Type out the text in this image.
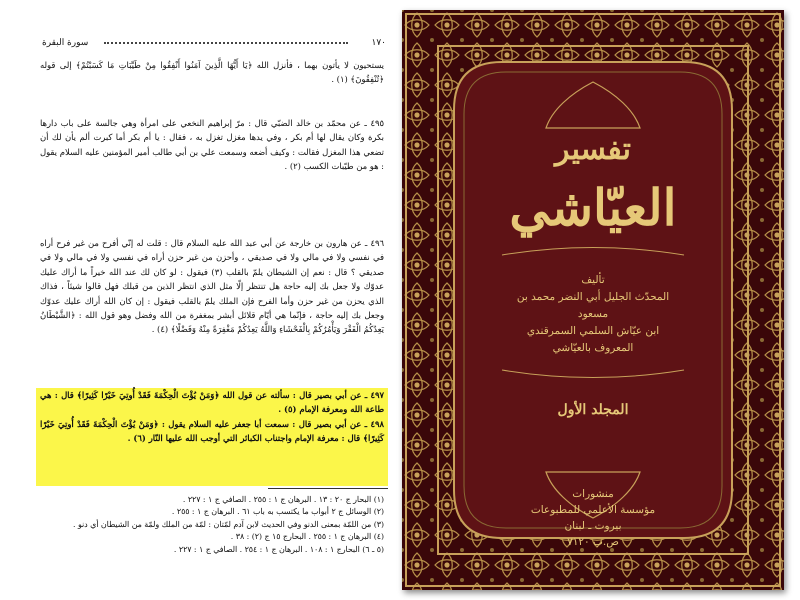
سورة البقرة	١٧٠

يستحيون لا يأتون بهما ، فأنزل الله ﴿يَا أَيُّهَا الَّذِينَ آمَنُوا أَنْفِقُوا مِنْ طَيِّبَاتِ مَا كَسَبْتُمْ﴾ إلى قوله ﴿تُنْفِقُونَ﴾ (١) .

٤٩٥ ـ عن محمّد بن خالد الضبّي قال : مرّ إبراهيم النخعي على امرأة وهي جالسة على باب دارها بكرة وكان يقال لها أم بكر ، وفي يدها مغزل تغزل به ، فقال : يا أم بكر أما كبرت ألم يأن لك أن تضعي هذا المغزل فقالت : وكيف أضعه وسمعت علي بن أبي طالب أمير المؤمنين عليه السلام يقول : هو من طيّبات الكسب (٢) .

٤٩٦ ـ عن هارون بن خارجة عن أبي عبد الله عليه السلام قال : قلت له إنّي أفرح من غير فرح أراه في نفسي ولا في مالي ولا في صديقي ، وأحزن من غير حزن أراه في نفسي ولا في مالي ولا في صديقي ؟ قال : نعم إن الشيطان يلمّ بالقلب (٣) فيقول : لو كان لك عند الله خيراً ما أراك عليك عدوّك ولا جعل بك إليه حاجة هل تنتظر إلّا مثل الذي انتظر الذين من قبلك فهل قالوا شيئاً ، فذاك الذي يحزن من غير حزن وأما الفرح فإن الملك يلمّ بالقلب فيقول : إن كان الله أراك عليك عدوّك وجعل بك إليه حاجة ، فإنّما هي أيّام قلائل أبشر بمغفرة من الله وفضل وهو قول الله : ﴿الشَّيْطَانُ يَعِدُكُمُ الْفَقْرَ وَيَأْمُرُكُمْ بِالْفَحْشَاءِ وَاللَّهُ يَعِدُكُمْ مَغْفِرَةً مِنْهُ وَفَضْلًا﴾ (٤) .

٤٩٧ ـ عن أبي بصير قال : سألته عن قول الله ﴿وَمَنْ يُؤْتَ الْحِكْمَةَ فَقَدْ أُوتِيَ خَيْرًا كَثِيرًا﴾ قال : هي طاعة الله ومعرفة الإمام (٥) .
٤٩٨ ـ عن أبي بصير قال : سمعت أبا جعفر عليه السلام يقول : ﴿وَمَنْ يُؤْتَ الْحِكْمَةَ فَقَدْ أُوتِيَ خَيْرًا كَثِيرًا﴾ قال : معرفة الإمام واجتناب الكبائر التي أوجب الله عليها النّار (٦) .
(١) البحار ج ٢٠ : ١٣ . البرهان ج ١ : ٢٥٥ . الصافي ج ١ : ٢٢٧ .
(٢) الوسائل ج ٢ أبواب ما يكتسب به باب ٦١ . البرهان ج ١ : ٢٥٥ .
(٣) من اللمّة بمعنى الدنو وفي الحديث لابن آدم لمّتان : لمّة من الملك ولمّة من الشيطان أي دنو .
(٤) البرهان ج ١ : ٢٥٥ . البحارج ١٥ ج (٢) : ٣٨ .
(٥ ـ ٦) البحارج ١ : ١٠٨ . البرهان ج ١ : ٢٥٤ . الصافي ج ١ : ٢٢٧ .
تفسير
العيّاشي
تأليف
المحدّث الجليل أبي النضر محمد بن مسعود
ابن عيّاش السلمي السمرقندي
المعروف بالعيّاشي
المجلد الأول
منشورات
مؤسسة الأعلمي للمطبوعات
بيروت ـ لبنان
ص.ب ٧١٢٠
